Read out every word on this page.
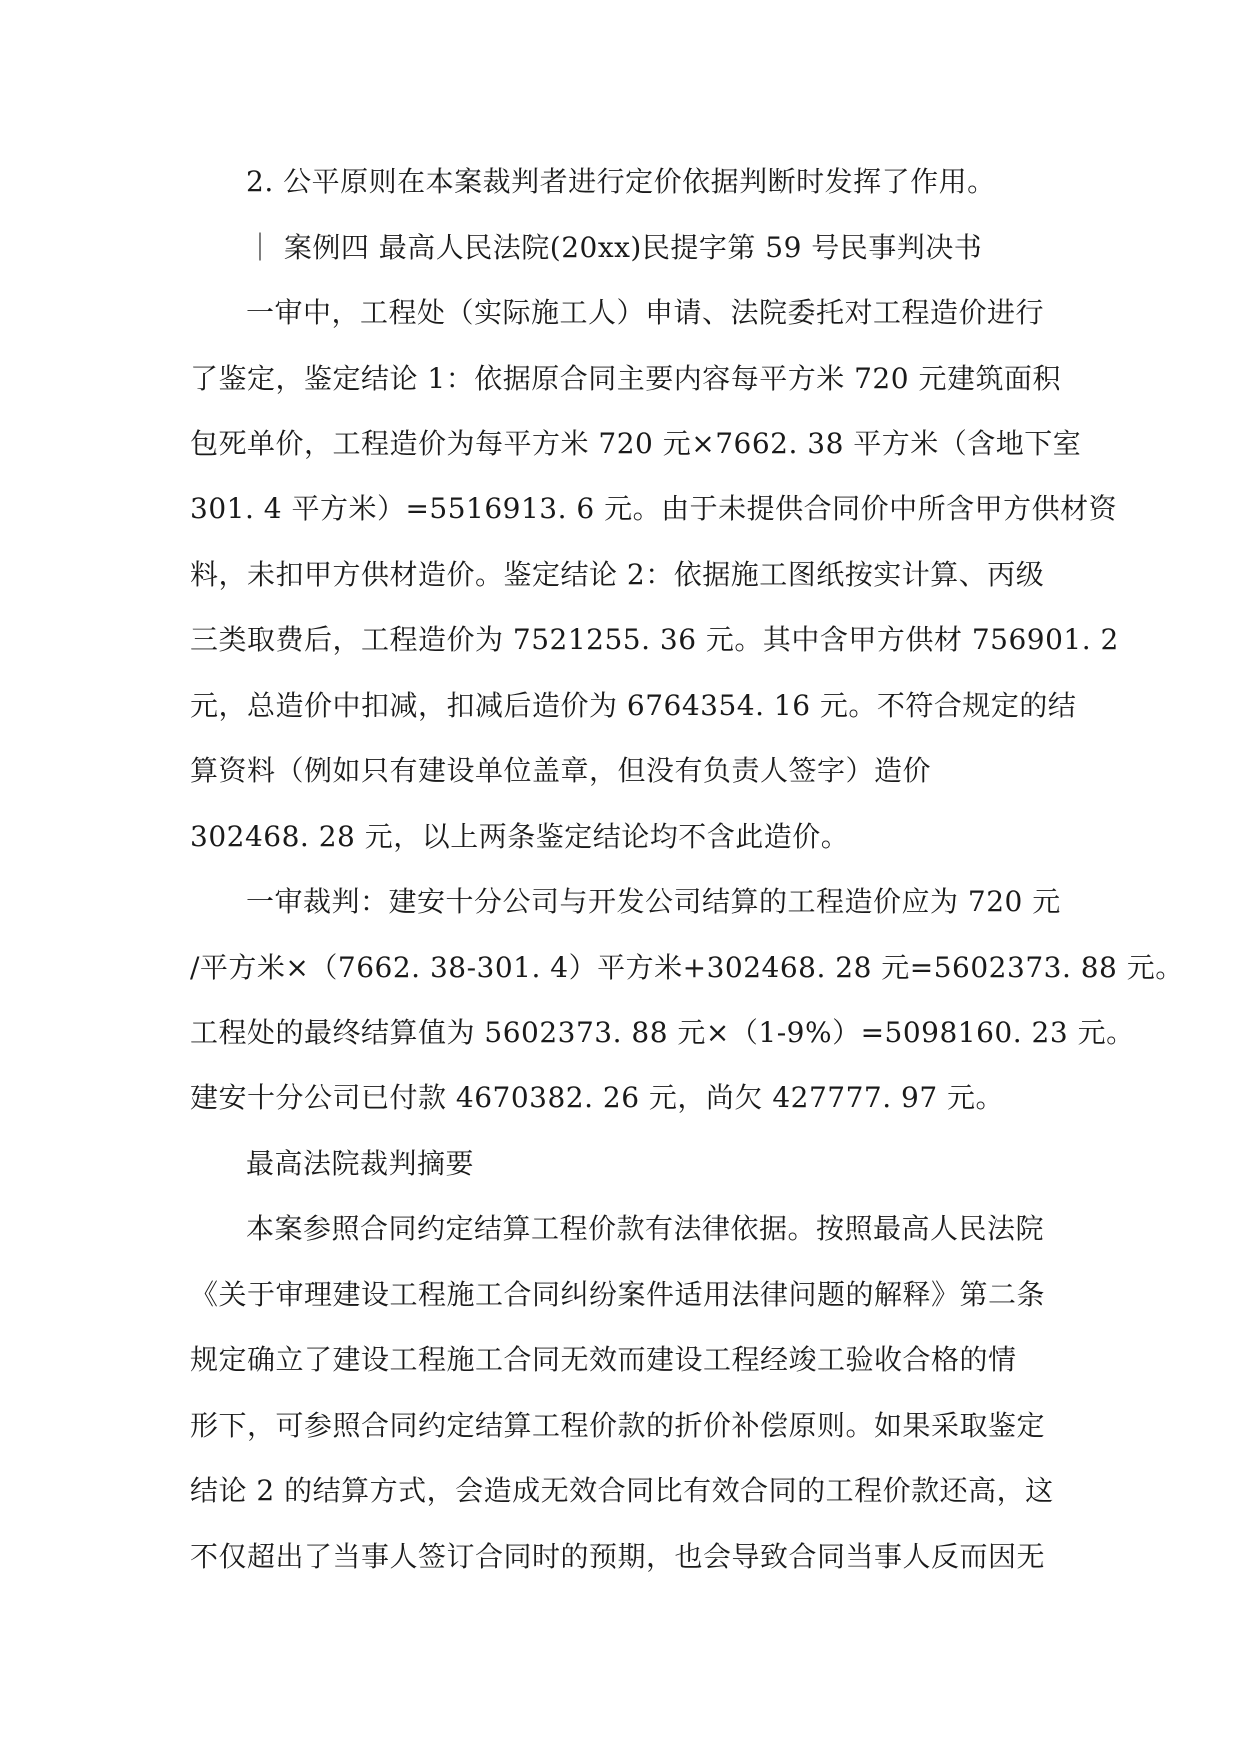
2. 公平原则在本案裁判者进行定价依据判断时发挥了作用。
｜ 案例四 最高人民法院(20xx)民提字第 59 号民事判决书
一审中，工程处（实际施工人）申请、法院委托对工程造价进行
了鉴定，鉴定结论 1：依据原合同主要内容每平方米 720 元建筑面积
包死单价，工程造价为每平方米 720 元×7662. 38 平方米（含地下室
301. 4 平方米）=5516913. 6 元。由于未提供合同价中所含甲方供材资
料，未扣甲方供材造价。鉴定结论 2：依据施工图纸按实计算、丙级
三类取费后，工程造价为 7521255. 36 元。其中含甲方供材 756901. 2
元，总造价中扣减，扣减后造价为 6764354. 16 元。不符合规定的结
算资料（例如只有建设单位盖章，但没有负责人签字）造价
302468. 28 元，以上两条鉴定结论均不含此造价。
一审裁判：建安十分公司与开发公司结算的工程造价应为 720 元
/平方米×（7662. 38-301. 4）平方米+302468. 28 元=5602373. 88 元。
工程处的最终结算值为 5602373. 88 元×（1-9%）=5098160. 23 元。
建安十分公司已付款 4670382. 26 元，尚欠 427777. 97 元。
最高法院裁判摘要
本案参照合同约定结算工程价款有法律依据。按照最高人民法院
《关于审理建设工程施工合同纠纷案件适用法律问题的解释》第二条
规定确立了建设工程施工合同无效而建设工程经竣工验收合格的情
形下，可参照合同约定结算工程价款的折价补偿原则。如果采取鉴定
结论 2 的结算方式，会造成无效合同比有效合同的工程价款还高，这
不仅超出了当事人签订合同时的预期，也会导致合同当事人反而因无
